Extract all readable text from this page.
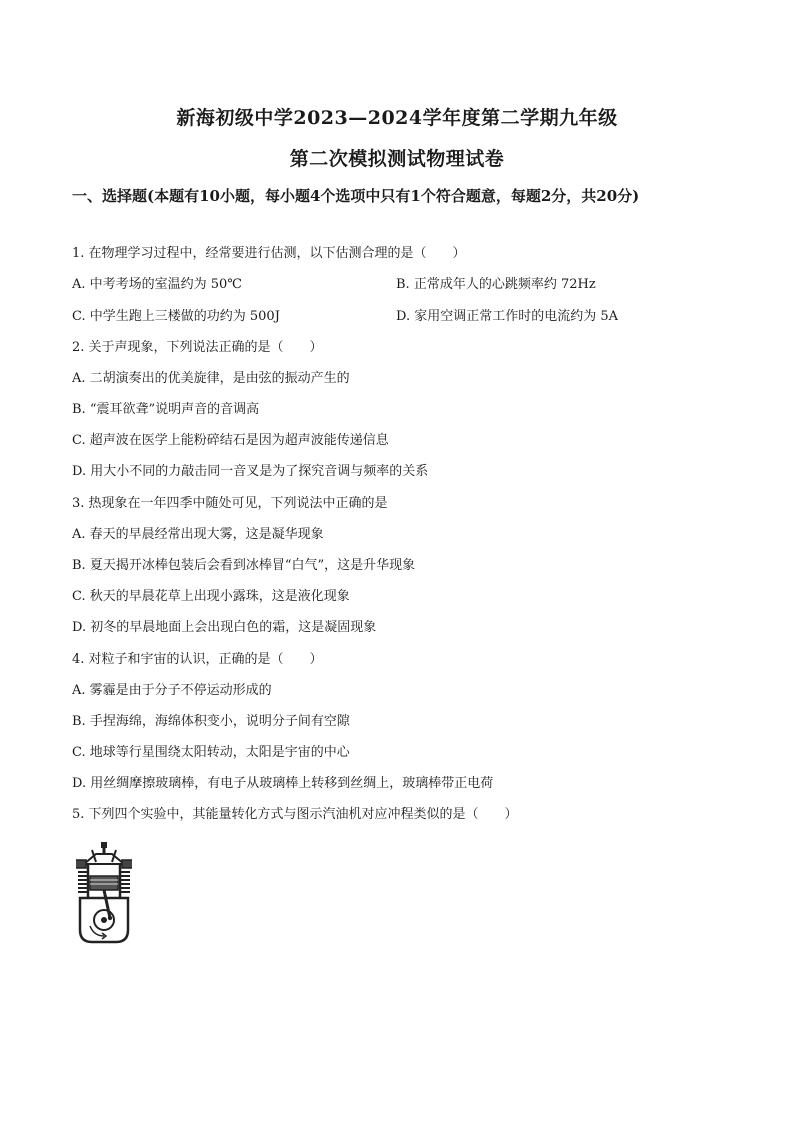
新海初级中学2023—2024学年度第二学期九年级
第二次模拟测试物理试卷
一、选择题(本题有10小题，每小题4个选项中只有1个符合题意，每题2分，共20分)
1. 在物理学习过程中，经常要进行估测，以下估测合理的是（　　）
A. 中考考场的室温约为 50℃	B. 正常成年人的心跳频率约 72Hz
C. 中学生跑上三楼做的功约为 500J	D. 家用空调正常工作时的电流约为 5A
2. 关于声现象，下列说法正确的是（　　）
A. 二胡演奏出的优美旋律，是由弦的振动产生的
B. “震耳欲聋”说明声音的音调高
C. 超声波在医学上能粉碎结石是因为超声波能传递信息
D. 用大小不同的力敲击同一音叉是为了探究音调与频率的关系
3. 热现象在一年四季中随处可见，下列说法中正确的是
A. 春天的早晨经常出现大雾，这是凝华现象
B. 夏天揭开冰棒包装后会看到冰棒冒“白气”，这是升华现象
C. 秋天的早晨花草上出现小露珠，这是液化现象
D. 初冬的早晨地面上会出现白色的霜，这是凝固现象
4. 对粒子和宇宙的认识，正确的是（　　）
A. 雾霾是由于分子不停运动形成的
B. 手捏海绵，海绵体积变小，说明分子间有空隙
C. 地球等行星围绕太阳转动，太阳是宇宙的中心
D. 用丝绸摩擦玻璃棒，有电子从玻璃棒上转移到丝绸上，玻璃棒带正电荷
5. 下列四个实验中，其能量转化方式与图示汽油机对应冲程类似的是（　　）
